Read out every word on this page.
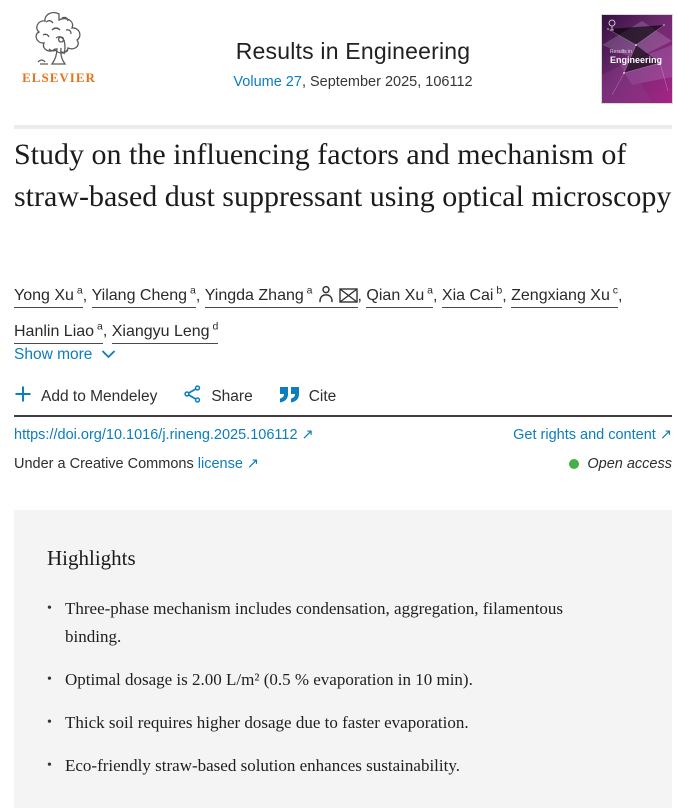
ELSEVIER
Results in Engineering
Volume 27, September 2025, 106112
Results in
Engineering
Study on the influencing factors and mechanism of straw-based dust suppressant using optical microscopy
Yong Xu $^a$, Yilang Cheng $^a$, Yingda Zhang $^a$	, Qian Xu $^a$, Xia Cai $^b$, Zengxiang Xu $^c$, Hanlin Liao $^a$, Xiangyu Leng $^d$
Show more
Add to Mendeley	Share	Cite
https://doi.org/10.1016/j.rineng.2025.106112 ↗	Get rights and content ↗
Under a Creative Commons license ↗	Open access
Highlights
• Three-phase mechanism includes condensation, aggregation, filamentous binding.
• Optimal dosage is 2.00 L/m² (0.5 % evaporation in 10 min).
• Thick soil requires higher dosage due to faster evaporation.
• Eco-friendly straw-based solution enhances sustainability.
